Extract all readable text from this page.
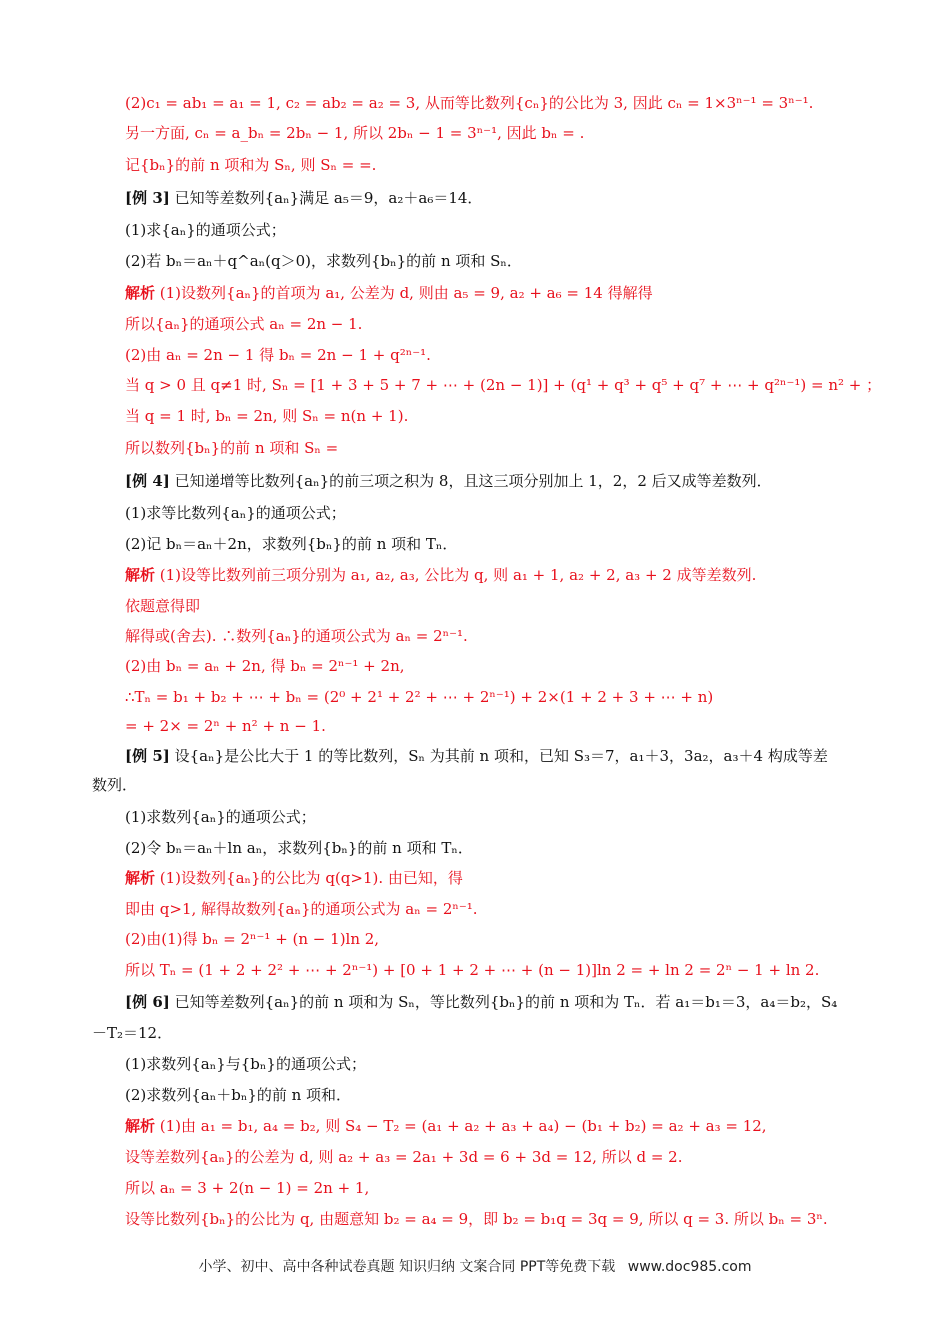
(2)c₁ = ab₁ = a₁ = 1, c₂ = ab₂ = a₂ = 3, 从而等比数列{cₙ}的公比为 3, 因此 cₙ = 1×3ⁿ⁻¹ = 3ⁿ⁻¹.
另一方面, cₙ = a_bₙ = 2bₙ − 1, 所以 2bₙ − 1 = 3ⁿ⁻¹, 因此 bₙ = .
记{bₙ}的前 n 项和为 Sₙ, 则 Sₙ = =.
[例 3] 已知等差数列{aₙ}满足 a₅＝9，a₂＋a₆＝14．
(1)求{aₙ}的通项公式；
(2)若 bₙ＝aₙ＋q^aₙ(q＞0)，求数列{bₙ}的前 n 项和 Sₙ．
解析 (1)设数列{aₙ}的首项为 a₁, 公差为 d, 则由 a₅ = 9, a₂ + a₆ = 14 得解得
所以{aₙ}的通项公式 aₙ = 2n − 1.
(2)由 aₙ = 2n − 1 得 bₙ = 2n − 1 + q²ⁿ⁻¹.
当 q > 0 且 q≠1 时, Sₙ = [1 + 3 + 5 + 7 + ⋯ + (2n − 1)] + (q¹ + q³ + q⁵ + q⁷ + ⋯ + q²ⁿ⁻¹) = n² + ；
当 q = 1 时, bₙ = 2n, 则 Sₙ = n(n + 1).
所以数列{bₙ}的前 n 项和 Sₙ =
[例 4] 已知递增等比数列{aₙ}的前三项之积为 8，且这三项分别加上 1，2，2 后又成等差数列．
(1)求等比数列{aₙ}的通项公式；
(2)记 bₙ＝aₙ＋2n，求数列{bₙ}的前 n 项和 Tₙ．
解析 (1)设等比数列前三项分别为 a₁, a₂, a₃, 公比为 q, 则 a₁ + 1, a₂ + 2, a₃ + 2 成等差数列.
依题意得即
解得或(舍去). ∴数列{aₙ}的通项公式为 aₙ = 2ⁿ⁻¹.
(2)由 bₙ = aₙ + 2n, 得 bₙ = 2ⁿ⁻¹ + 2n,
∴Tₙ = b₁ + b₂ + ⋯ + bₙ = (2⁰ + 2¹ + 2² + ⋯ + 2ⁿ⁻¹) + 2×(1 + 2 + 3 + ⋯ + n)
= + 2× = 2ⁿ + n² + n − 1.
[例 5] 设{aₙ}是公比大于 1 的等比数列，Sₙ 为其前 n 项和，已知 S₃＝7，a₁＋3，3a₂，a₃＋4 构成等差
数列．
(1)求数列{aₙ}的通项公式；
(2)令 bₙ＝aₙ＋ln aₙ，求数列{bₙ}的前 n 项和 Tₙ．
解析 (1)设数列{aₙ}的公比为 q(q>1). 由已知，得
即由 q>1, 解得故数列{aₙ}的通项公式为 aₙ = 2ⁿ⁻¹.
(2)由(1)得 bₙ = 2ⁿ⁻¹ + (n − 1)ln 2,
所以 Tₙ = (1 + 2 + 2² + ⋯ + 2ⁿ⁻¹) + [0 + 1 + 2 + ⋯ + (n − 1)]ln 2 = + ln 2 = 2ⁿ − 1 + ln 2.
[例 6] 已知等差数列{aₙ}的前 n 项和为 Sₙ，等比数列{bₙ}的前 n 项和为 Tₙ．若 a₁＝b₁＝3，a₄＝b₂，S₄
－T₂＝12．
(1)求数列{aₙ}与{bₙ}的通项公式；
(2)求数列{aₙ＋bₙ}的前 n 项和．
解析 (1)由 a₁ = b₁, a₄ = b₂, 则 S₄ − T₂ = (a₁ + a₂ + a₃ + a₄) − (b₁ + b₂) = a₂ + a₃ = 12,
设等差数列{aₙ}的公差为 d, 则 a₂ + a₃ = 2a₁ + 3d = 6 + 3d = 12, 所以 d = 2.
所以 aₙ = 3 + 2(n − 1) = 2n + 1,
设等比数列{bₙ}的公比为 q, 由题意知 b₂ = a₄ = 9，即 b₂ = b₁q = 3q = 9, 所以 q = 3. 所以 bₙ = 3ⁿ.
小学、初中、高中各种试卷真题 知识归纳 文案合同 PPT等免费下载 www.doc985.com
